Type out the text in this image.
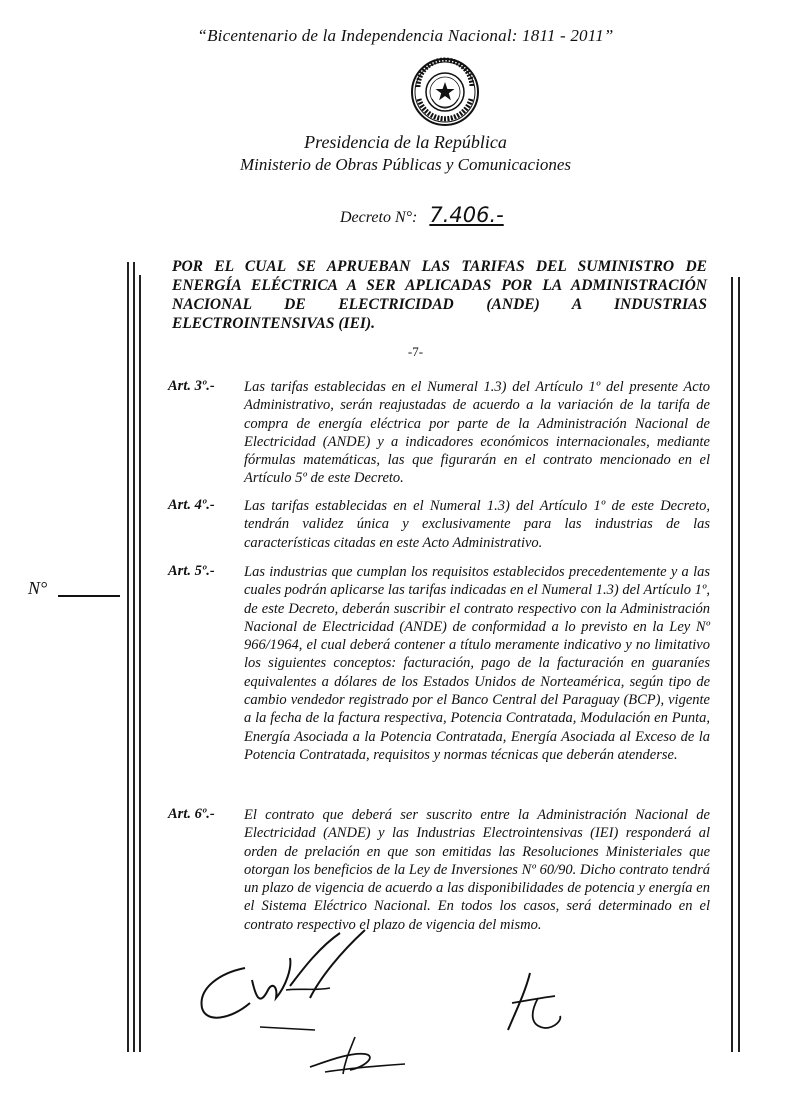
“Bicentenario de la Independencia Nacional: 1811 - 2011”
Presidencia de la República
Ministerio de Obras Públicas y Comunicaciones
Decreto N°: 7.406.-

POR EL CUAL SE APRUEBAN LAS TARIFAS DEL SUMINISTRO DE ENERGÍA ELÉCTRICA A SER APLICADAS POR LA ADMINISTRACIÓN NACIONAL DE ELECTRICIDAD (ANDE) A INDUSTRIAS ELECTROINTENSIVAS (IEI).

-7-
Art. 3º.- Las tarifas establecidas en el Numeral 1.3) del Artículo 1º del presente Acto Administrativo, serán reajustadas de acuerdo a la variación de la tarifa de compra de energía eléctrica por parte de la Administración Nacional de Electricidad (ANDE) y a indicadores económicos internacionales, mediante fórmulas matemáticas, las que figurarán en el contrato mencionado en el Artículo 5º de este Decreto.
Art. 4º.- Las tarifas establecidas en el Numeral 1.3) del Artículo 1º de este Decreto, tendrán validez única y exclusivamente para las industrias de las características citadas en este Acto Administrativo.
Art. 5º.- Las industrias que cumplan los requisitos establecidos precedentemente y a las cuales podrán aplicarse las tarifas indicadas en el Numeral 1.3) del Artículo 1º, de este Decreto, deberán suscribir el contrato respectivo con la Administración Nacional de Electricidad (ANDE) de conformidad a lo previsto en la Ley Nº 966/1964, el cual deberá contener a título meramente indicativo y no limitativo los siguientes conceptos: facturación, pago de la facturación en guaraníes equivalentes a dólares de los Estados Unidos de Norteamérica, según tipo de cambio vendedor registrado por el Banco Central del Paraguay (BCP), vigente a la fecha de la factura respectiva, Potencia Contratada, Modulación en Punta, Energía Asociada a la Potencia Contratada, Energía Asociada al Exceso de la Potencia Contratada, requisitos y normas técnicas que deberán atenderse.
Art. 6º.- El contrato que deberá ser suscrito entre la Administración Nacional de Electricidad (ANDE) y las Industrias Electrointensivas (IEI) responderá al orden de prelación en que son emitidas las Resoluciones Ministeriales que otorgan los beneficios de la Ley de Inversiones Nº 60/90. Dicho contrato tendrá un plazo de vigencia de acuerdo a las disponibilidades de potencia y energía en el Sistema Eléctrico Nacional. En todos los casos, será determinado en el contrato respectivo el plazo de vigencia del mismo.
N°
